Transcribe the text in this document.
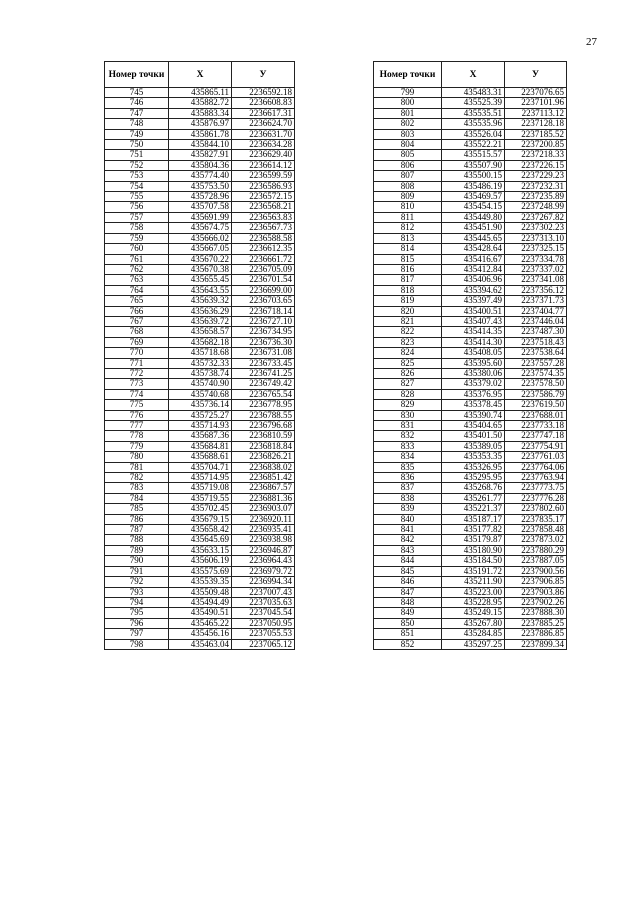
27
Номер точки	X	У
745	435865.11	2236592.18
746	435882.72	2236608.83
747	435883.34	2236617.31
748	435876.97	2236624.70
749	435861.78	2236631.70
750	435844.10	2236634.28
751	435827.91	2236629.40
752	435804.36	2236614.12
753	435774.40	2236599.59
754	435753.50	2236586.93
755	435728.96	2236572.15
756	435707.58	2236568.21
757	435691.99	2236563.83
758	435674.75	2236567.73
759	435666.02	2236588.58
760	435667.05	2236612.35
761	435670.22	2236661.72
762	435670.38	2236705.09
763	435655.45	2236701.54
764	435643.55	2236699.00
765	435639.32	2236703.65
766	435636.29	2236718.14
767	435639.72	2236727.10
768	435658.57	2236734.95
769	435682.18	2236736.30
770	435718.68	2236731.08
771	435732.33	2236733.45
772	435738.74	2236741.25
773	435740.90	2236749.42
774	435740.68	2236765.54
775	435736.14	2236778.95
776	435725.27	2236788.55
777	435714.93	2236796.68
778	435687.36	2236810.59
779	435684.81	2236818.84
780	435688.61	2236826.21
781	435704.71	2236838.02
782	435714.95	2236851.42
783	435719.08	2236867.57
784	435719.55	2236881.36
785	435702.45	2236903.07
786	435679.15	2236920.11
787	435658.42	2236935.41
788	435645.69	2236938.98
789	435633.15	2236946.87
790	435606.19	2236964.43
791	435575.69	2236979.72
792	435539.35	2236994.34
793	435509.48	2237007.43
794	435494.49	2237035.63
795	435490.51	2237045.54
796	435465.22	2237050.95
797	435456.16	2237055.53
798	435463.04	2237065.12
Номер точки	X	У
799	435483.31	2237076.65
800	435525.39	2237101.96
801	435535.51	2237113.12
802	435535.96	2237128.18
803	435526.04	2237185.52
804	435522.21	2237200.85
805	435515.57	2237218.33
806	435507.90	2237226.15
807	435500.15	2237229.23
808	435486.19	2237232.31
809	435469.57	2237235.89
810	435454.15	2237248.99
811	435449.80	2237267.82
812	435451.90	2237302.23
813	435445.65	2237313.10
814	435428.64	2237325.15
815	435416.67	2237334.78
816	435412.84	2237337.02
817	435406.96	2237341.08
818	435394.62	2237356.12
819	435397.49	2237371.73
820	435400.51	2237404.77
821	435407.43	2237446.04
822	435414.35	2237487.30
823	435414.30	2237518.43
824	435408.05	2237538.64
825	435395.60	2237557.28
826	435380.06	2237574.35
827	435379.02	2237578.50
828	435376.95	2237586.79
829	435378.45	2237619.50
830	435390.74	2237688.01
831	435404.65	2237733.18
832	435401.50	2237747.18
833	435389.05	2237754.91
834	435353.35	2237761.03
835	435326.95	2237764.06
836	435295.95	2237763.94
837	435268.76	2237773.75
838	435261.77	2237776.28
839	435221.37	2237802.60
840	435187.17	2237835.17
841	435177.82	2237858.48
842	435179.87	2237873.02
843	435180.90	2237880.29
844	435184.50	2237887.05
845	435191.72	2237900.56
846	435211.90	2237906.85
847	435223.00	2237903.86
848	435228.95	2237902.26
849	435249.15	2237888.30
850	435267.80	2237885.25
851	435284.85	2237886.85
852	435297.25	2237899.34
